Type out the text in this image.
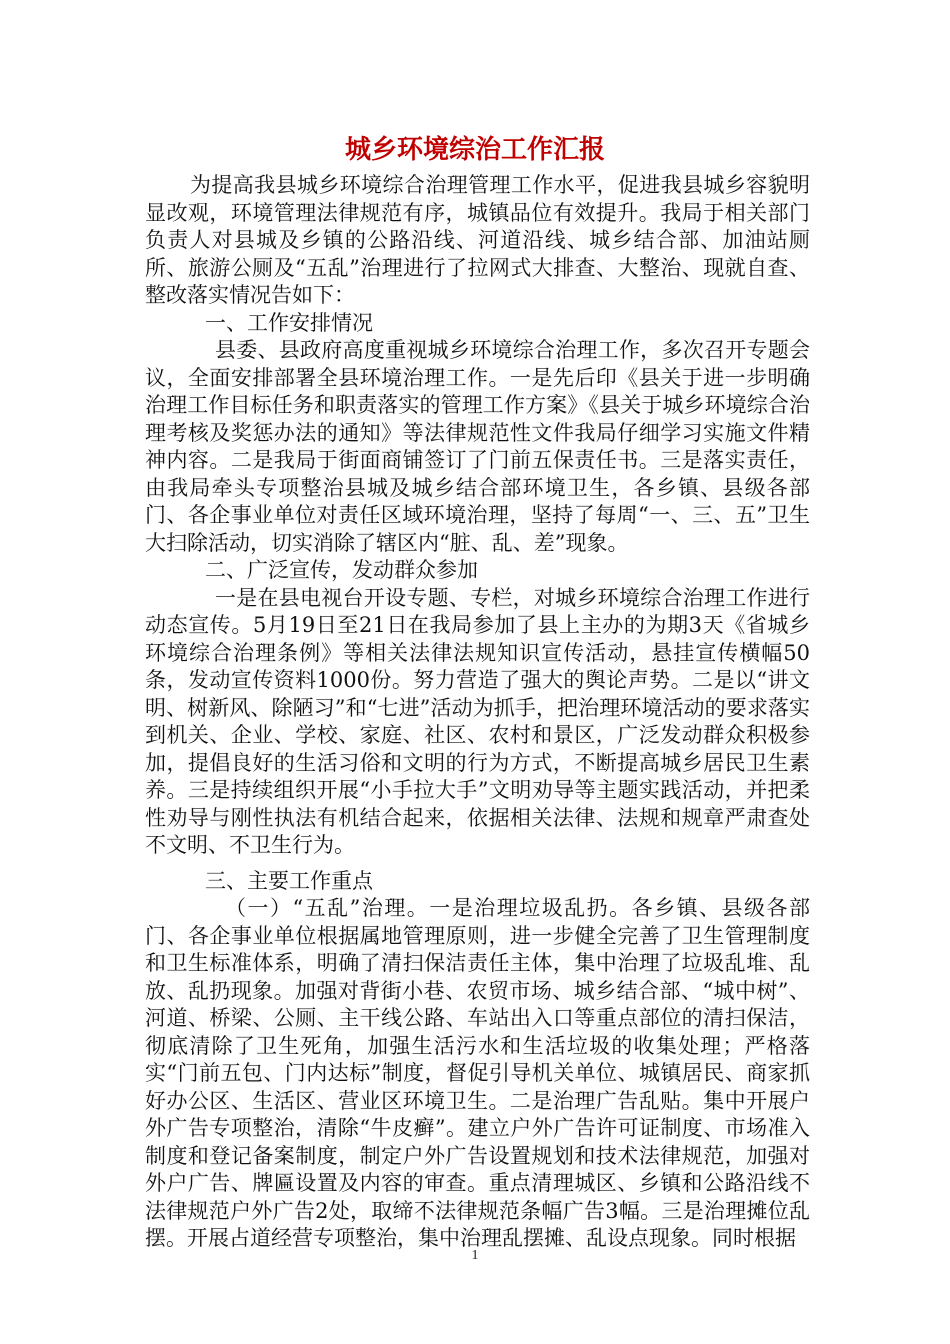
城乡环境综治工作汇报

为提高我县城乡环境综合治理管理工作水平，促进我县城乡容貌明显改观，环境管理法律规范有序，城镇品位有效提升。我局于相关部门负责人对县城及乡镇的公路沿线、河道沿线、城乡结合部、加油站厕所、旅游公厕及“五乱”治理进行了拉网式大排查、大整治、现就自查、整改落实情况告如下：

一、工作安排情况

县委、县政府高度重视城乡环境综合治理工作，多次召开专题会议，全面安排部署全县环境治理工作。一是先后印《县关于进一步明确治理工作目标任务和职责落实的管理工作方案》《县关于城乡环境综合治理考核及奖惩办法的通知》等法律规范性文件我局仔细学习实施文件精神内容。二是我局于街面商铺签订了门前五保责任书。三是落实责任，由我局牵头专项整治县城及城乡结合部环境卫生，各乡镇、县级各部门、各企事业单位对责任区域环境治理，坚持了每周“一、三、五”卫生大扫除活动，切实消除了辖区内“脏、乱、差”现象。

二、广泛宣传，发动群众参加

一是在县电视台开设专题、专栏，对城乡环境综合治理工作进行动态宣传。5月19日至21日在我局参加了县上主办的为期3天《省城乡环境综合治理条例》等相关法律法规知识宣传活动，悬挂宣传横幅50条，发动宣传资料1000份。努力营造了强大的舆论声势。二是以“讲文明、树新风、除陋习”和“七进”活动为抓手，把治理环境活动的要求落实到机关、企业、学校、家庭、社区、农村和景区，广泛发动群众积极参加，提倡良好的生活习俗和文明的行为方式，不断提高城乡居民卫生素养。三是持续组织开展“小手拉大手”文明劝导等主题实践活动，并把柔性劝导与刚性执法有机结合起来，依据相关法律、法规和规章严肃查处不文明、不卫生行为。

三、主要工作重点

（一）“五乱”治理。一是治理垃圾乱扔。各乡镇、县级各部门、各企事业单位根据属地管理原则，进一步健全完善了卫生管理制度和卫生标准体系，明确了清扫保洁责任主体，集中治理了垃圾乱堆、乱放、乱扔现象。加强对背街小巷、农贸市场、城乡结合部、“城中树”、河道、桥梁、公厕、主干线公路、车站出入口等重点部位的清扫保洁，彻底清除了卫生死角，加强生活污水和生活垃圾的收集处理；严格落实“门前五包、门内达标”制度，督促引导机关单位、城镇居民、商家抓好办公区、生活区、营业区环境卫生。二是治理广告乱贴。集中开展户外广告专项整治，清除“牛皮癣”。建立户外广告许可证制度、市场准入制度和登记备案制度，制定户外广告设置规划和技术法律规范，加强对外户广告、牌匾设置及内容的审查。重点清理城区、乡镇和公路沿线不法律规范户外广告2处，取缔不法律规范条幅广告3幅。三是治理摊位乱摆。开展占道经营专项整治，集中治理乱摆摊、乱设点现象。同时根据

1
